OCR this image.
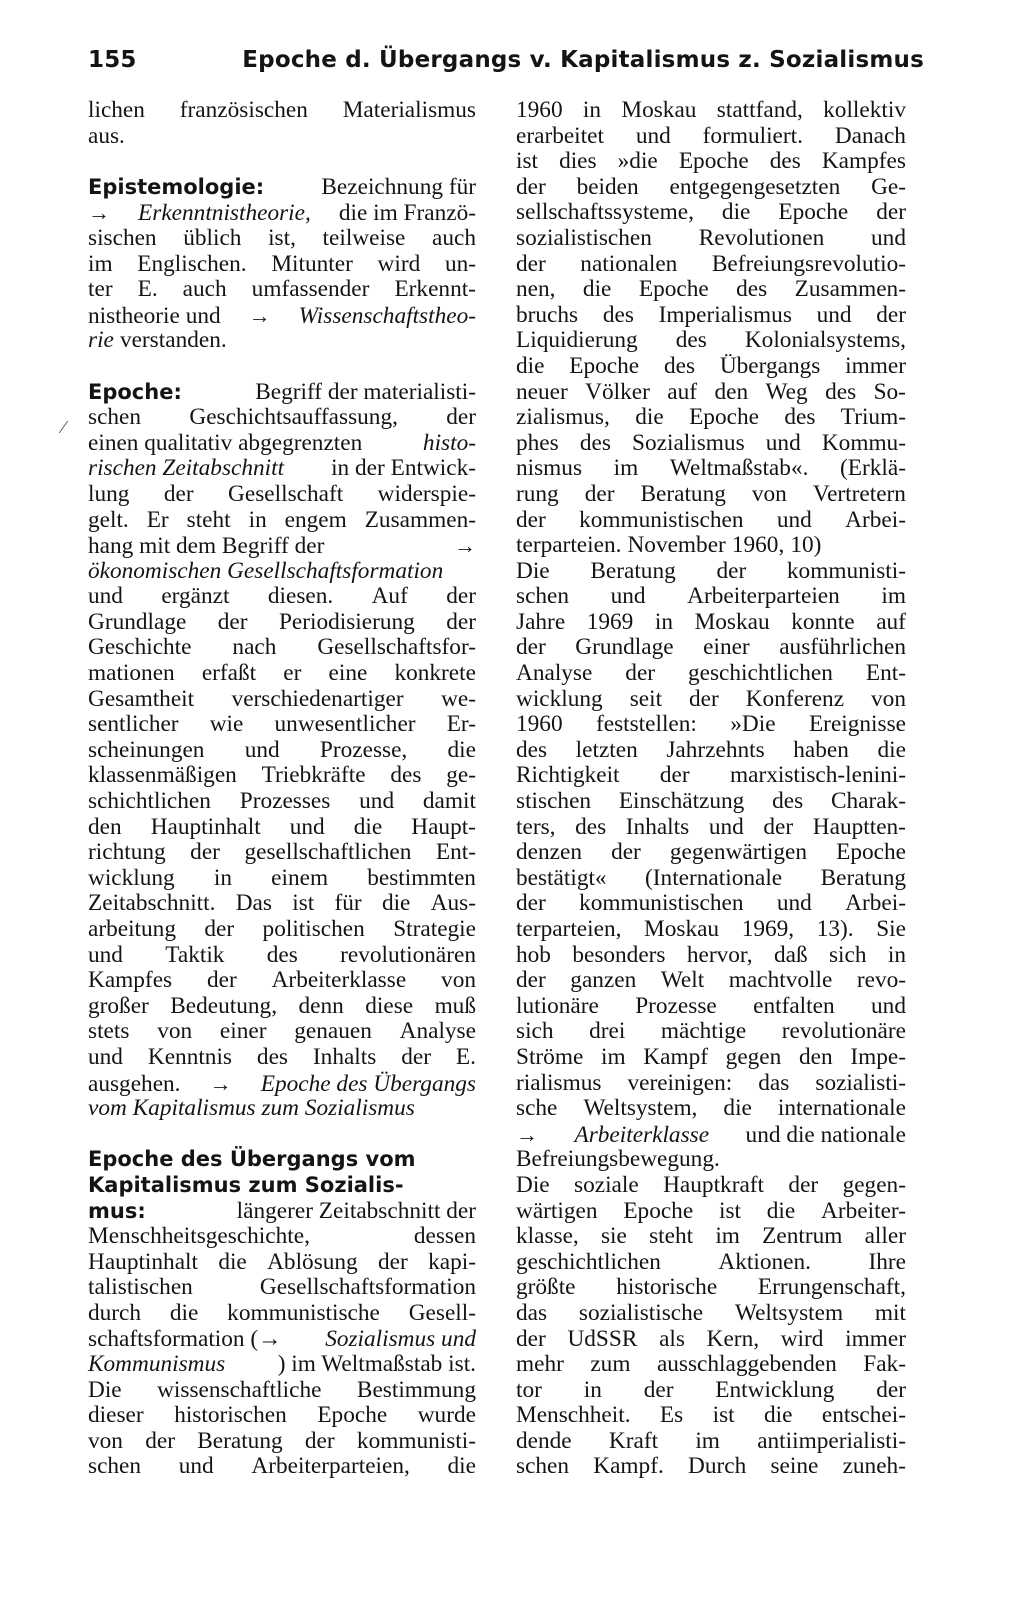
155	Epoche d. Übergangs v. Kapitalismus z. Sozialismus
lichen französischen Materialismus
aus.
Epistemologie: Bezeichnung für
→ Erkenntnistheorie, die im Franzö-
sischen üblich ist, teilweise auch
im Englischen. Mitunter wird un-
ter E. auch umfassender Erkennt-
nistheorie und → Wissenschaftstheo-
rie verstanden.
Epoche:	Begriff der materialisti-
schen Geschichtsauffassung, der
einen qualitativ abgegrenzten	histo-
rischen Zeitabschnitt in der Entwick-
lung der Gesellschaft widerspie-
gelt. Er steht in engem Zusammen-
hang mit dem Begriff der	→
ökonomischen Gesellschaftsformation
und ergänzt diesen. Auf der
Grundlage der Periodisierung der
Geschichte nach Gesellschaftsfor-
mationen erfaßt er eine konkrete
Gesamtheit verschiedenartiger we-
sentlicher wie unwesentlicher Er-
scheinungen und Prozesse, die
klassenmäßigen Triebkräfte des ge-
schichtlichen Prozesses und damit
den Hauptinhalt und die Haupt-
richtung der gesellschaftlichen Ent-
wicklung in einem bestimmten
Zeitabschnitt. Das ist für die Aus-
arbeitung der politischen Strategie
und Taktik des revolutionären
Kampfes der Arbeiterklasse von
großer Bedeutung, denn diese muß
stets von einer genauen Analyse
und Kenntnis des Inhalts der E.
ausgehen. → Epoche des Übergangs
vom Kapitalismus zum Sozialismus
Epoche des Übergangs vom
Kapitalismus zum Sozialis-
mus:	längerer Zeitabschnitt der
Menschheitsgeschichte,	dessen
Hauptinhalt die Ablösung der kapi-
talistischen	Gesellschaftsformation
durch die kommunistische Gesell-
schaftsformation (→ Sozialismus und
Kommunismus ) im Weltmaßstab ist.
Die wissenschaftliche Bestimmung
dieser historischen Epoche wurde
von der Beratung der kommunisti-
schen und Arbeiterparteien, die
1960 in Moskau stattfand, kollektiv
erarbeitet und formuliert. Danach
ist dies »die Epoche des Kampfes
der beiden entgegengesetzten Ge-
sellschaftssysteme, die Epoche der
sozialistischen Revolutionen und
der nationalen Befreiungsrevolutio-
nen, die Epoche des Zusammen-
bruchs des Imperialismus und der
Liquidierung des Kolonialsystems,
die Epoche des Übergangs immer
neuer Völker auf den Weg des So-
zialismus, die Epoche des Trium-
phes des Sozialismus und Kommu-
nismus im Weltmaßstab«. (Erklä-
rung der Beratung von Vertretern
der kommunistischen und Arbei-
terparteien. November 1960, 10)
Die Beratung der kommunisti-
schen und Arbeiterparteien im
Jahre 1969 in Moskau konnte auf
der Grundlage einer ausführlichen
Analyse der geschichtlichen Ent-
wicklung seit der Konferenz von
1960 feststellen: »Die Ereignisse
des letzten Jahrzehnts haben die
Richtigkeit der marxistisch-lenini-
stischen Einschätzung des Charak-
ters, des Inhalts und der Hauptten-
denzen der gegenwärtigen Epoche
bestätigt« (Internationale Beratung
der kommunistischen und Arbei-
terparteien, Moskau 1969, 13). Sie
hob besonders hervor, daß sich in
der ganzen Welt machtvolle revo-
lutionäre Prozesse entfalten und
sich drei mächtige revolutionäre
Ströme im Kampf gegen den Impe-
rialismus vereinigen: das sozialisti-
sche Weltsystem, die internationale
→ Arbeiterklasse und die nationale
Befreiungsbewegung.
Die soziale Hauptkraft der gegen-
wärtigen Epoche ist die Arbeiter-
klasse, sie steht im Zentrum aller
geschichtlichen Aktionen. Ihre
größte historische Errungenschaft,
das sozialistische Weltsystem mit
der UdSSR als Kern, wird immer
mehr zum ausschlaggebenden Fak-
tor in der Entwicklung der
Menschheit. Es ist die entschei-
dende Kraft im antiimperialisti-
schen Kampf. Durch seine zuneh-
⁄
